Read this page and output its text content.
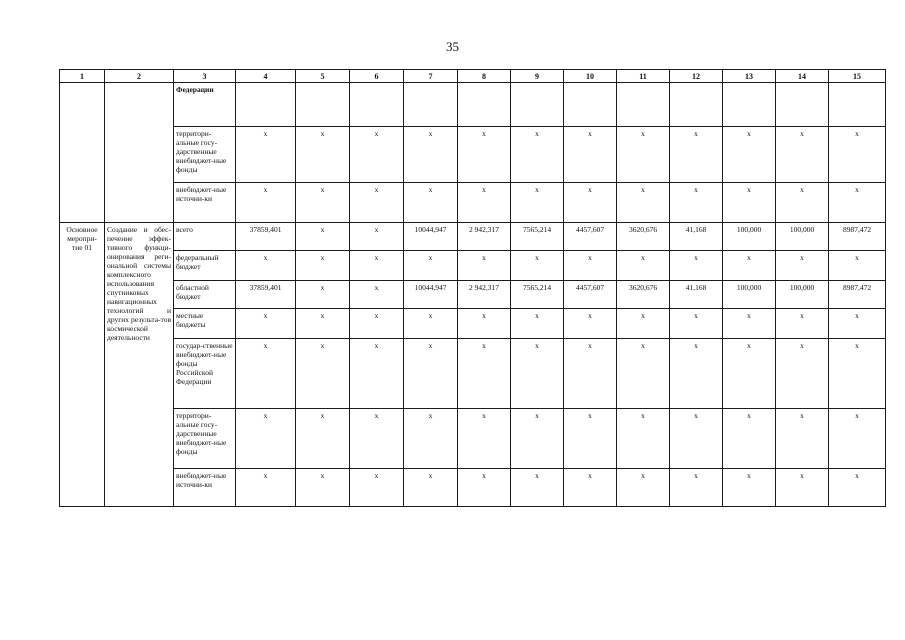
35
1	2	3	4	5	6	7	8	9	10	11	12	13	14	15
		Федерации												
		территори-альные госу-дарственные внебюджет-ные фонды	x	x	x	x	x	x	x	x	x	x	x	x
		внебюджет-ные источни-ки	x	x	x	x	x	x	x	x	x	x	x	x
Основное меропри-тие 01	Создание и обес-печение эффек-тивного функци-онирования реги-ональной системы комплексного использования спутниковых навигационных технологий и других результа-тов космической деятельности	всего	37859,401	x	x	10044,947	2 942,317	7565,214	4457,607	3620,676	41,168	100,000	100,000	8987,472
		федеральный бюджет	x	x	x	x	x	x	x	x	x	x	x	x
		областной бюджет	37859,401	x	x	10044,947	2 942,317	7565,214	4457,607	3620,676	41,168	100,000	100,000	8987,472
		местные бюджеты	x	x	x	x	x	x	x	x	x	x	x	x
		государ-ственные внебюджет-ные фонды Российской Федерации	x	x	x	x	x	x	x	x	x	x	x	x
		территори-альные госу-дарственные внебюджет-ные фонды	x	x	x	x	x	x	x	x	x	x	x	x
		внебюджет-ные источни-ки	x	x	x	x	x	x	x	x	x	x	x	x
